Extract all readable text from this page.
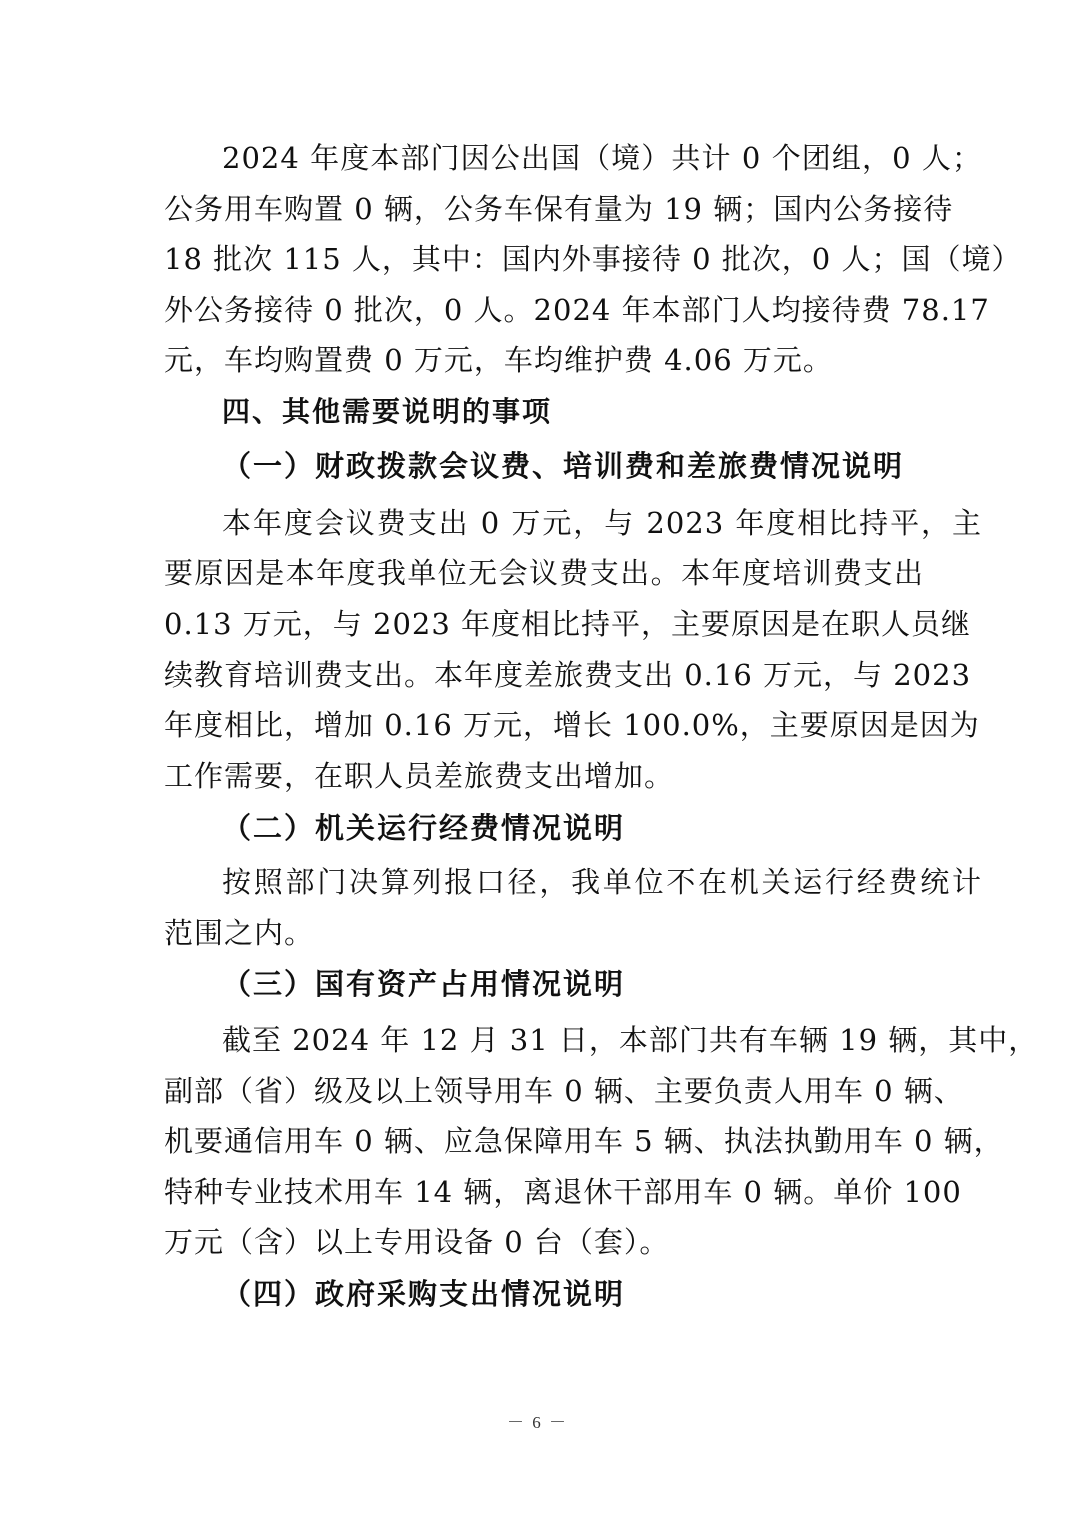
2024 年度本部门因公出国（境）共计 0 个团组，0 人；
公务用车购置 0 辆，公务车保有量为 19 辆；国内公务接待
18 批次 115 人，其中：国内外事接待 0 批次，0 人；国（境）
外公务接待 0 批次，0 人。2024 年本部门人均接待费 78.17
元，车均购置费 0 万元，车均维护费 4.06 万元。
四、其他需要说明的事项
（一）财政拨款会议费、培训费和差旅费情况说明
本年度会议费支出 0 万元，与 2023 年度相比持平，主
要原因是本年度我单位无会议费支出。本年度培训费支出
0.13 万元，与 2023 年度相比持平，主要原因是在职人员继
续教育培训费支出。本年度差旅费支出 0.16 万元，与 2023
年度相比，增加 0.16 万元，增长 100.0%，主要原因是因为
工作需要，在职人员差旅费支出增加。
（二）机关运行经费情况说明
按照部门决算列报口径，我单位不在机关运行经费统计
范围之内。
（三）国有资产占用情况说明
截至 2024 年 12 月 31 日，本部门共有车辆 19 辆，其中，
副部（省）级及以上领导用车 0 辆、主要负责人用车 0 辆、
机要通信用车 0 辆、应急保障用车 5 辆、执法执勤用车 0 辆，
特种专业技术用车 14 辆，离退休干部用车 0 辆。单价 100
万元（含）以上专用设备 0 台（套）。
（四）政府采购支出情况说明
－ 6 －
